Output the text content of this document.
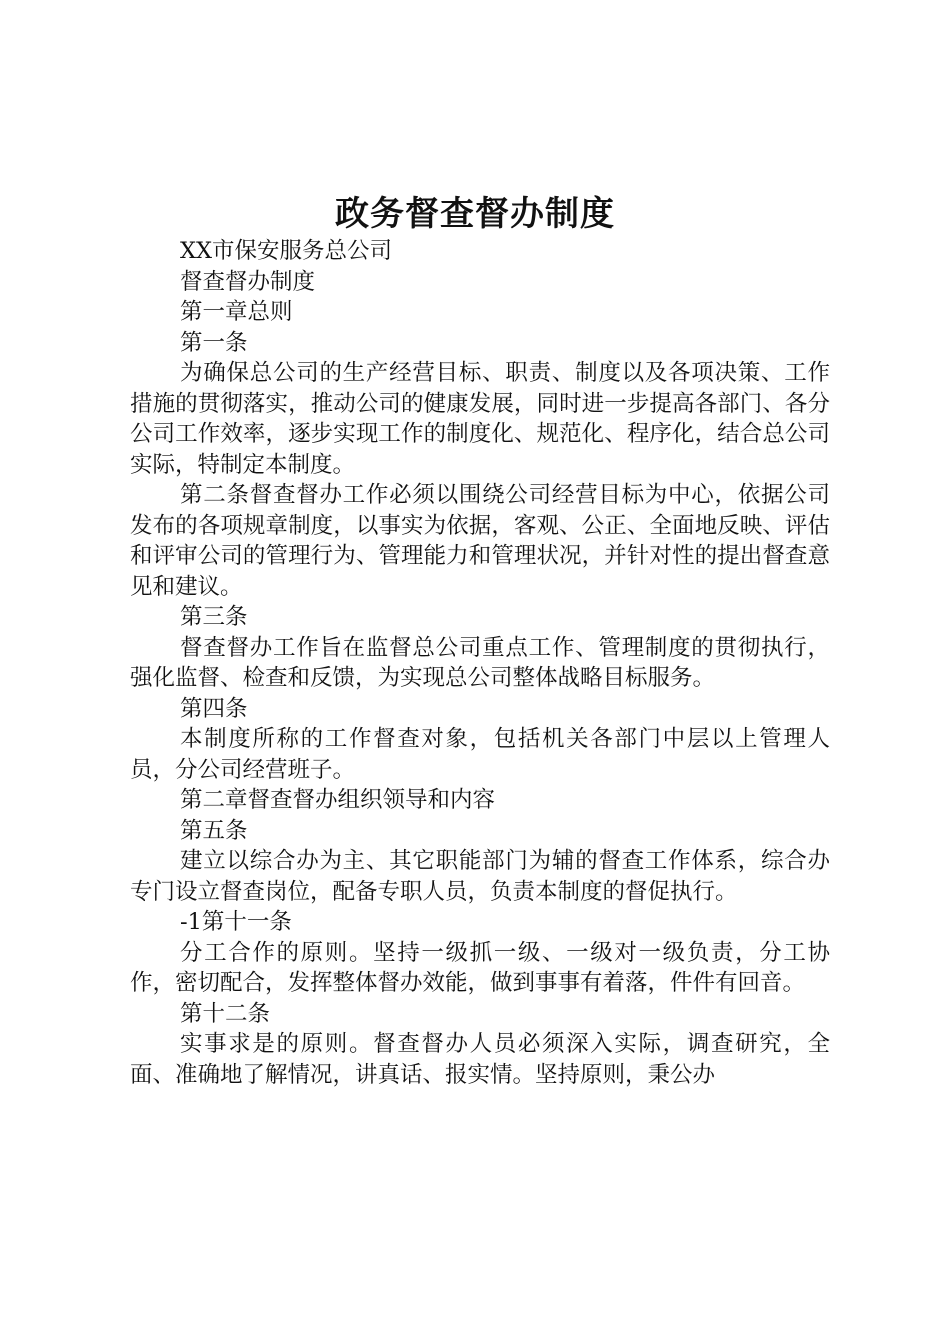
政务督查督办制度

XX市保安服务总公司

督查督办制度

第一章总则

第一条

为确保总公司的生产经营目标、职责、制度以及各项决策、工作措施的贯彻落实，推动公司的健康发展，同时进一步提高各部门、各分公司工作效率，逐步实现工作的制度化、规范化、程序化，结合总公司实际，特制定本制度。

第二条督查督办工作必须以围绕公司经营目标为中心，依据公司发布的各项规章制度，以事实为依据，客观、公正、全面地反映、评估和评审公司的管理行为、管理能力和管理状况，并针对性的提出督查意见和建议。

第三条

督查督办工作旨在监督总公司重点工作、管理制度的贯彻执行，强化监督、检查和反馈，为实现总公司整体战略目标服务。

第四条

本制度所称的工作督查对象，包括机关各部门中层以上管理人员，分公司经营班子。

第二章督查督办组织领导和内容

第五条

建立以综合办为主、其它职能部门为辅的督查工作体系，综合办专门设立督查岗位，配备专职人员，负责本制度的督促执行。

-1第十一条

分工合作的原则。坚持一级抓一级、一级对一级负责，分工协作，密切配合，发挥整体督办效能，做到事事有着落，件件有回音。

第十二条

实事求是的原则。督查督办人员必须深入实际，调查研究，全面、准确地了解情况，讲真话、报实情。坚持原则，秉公办
